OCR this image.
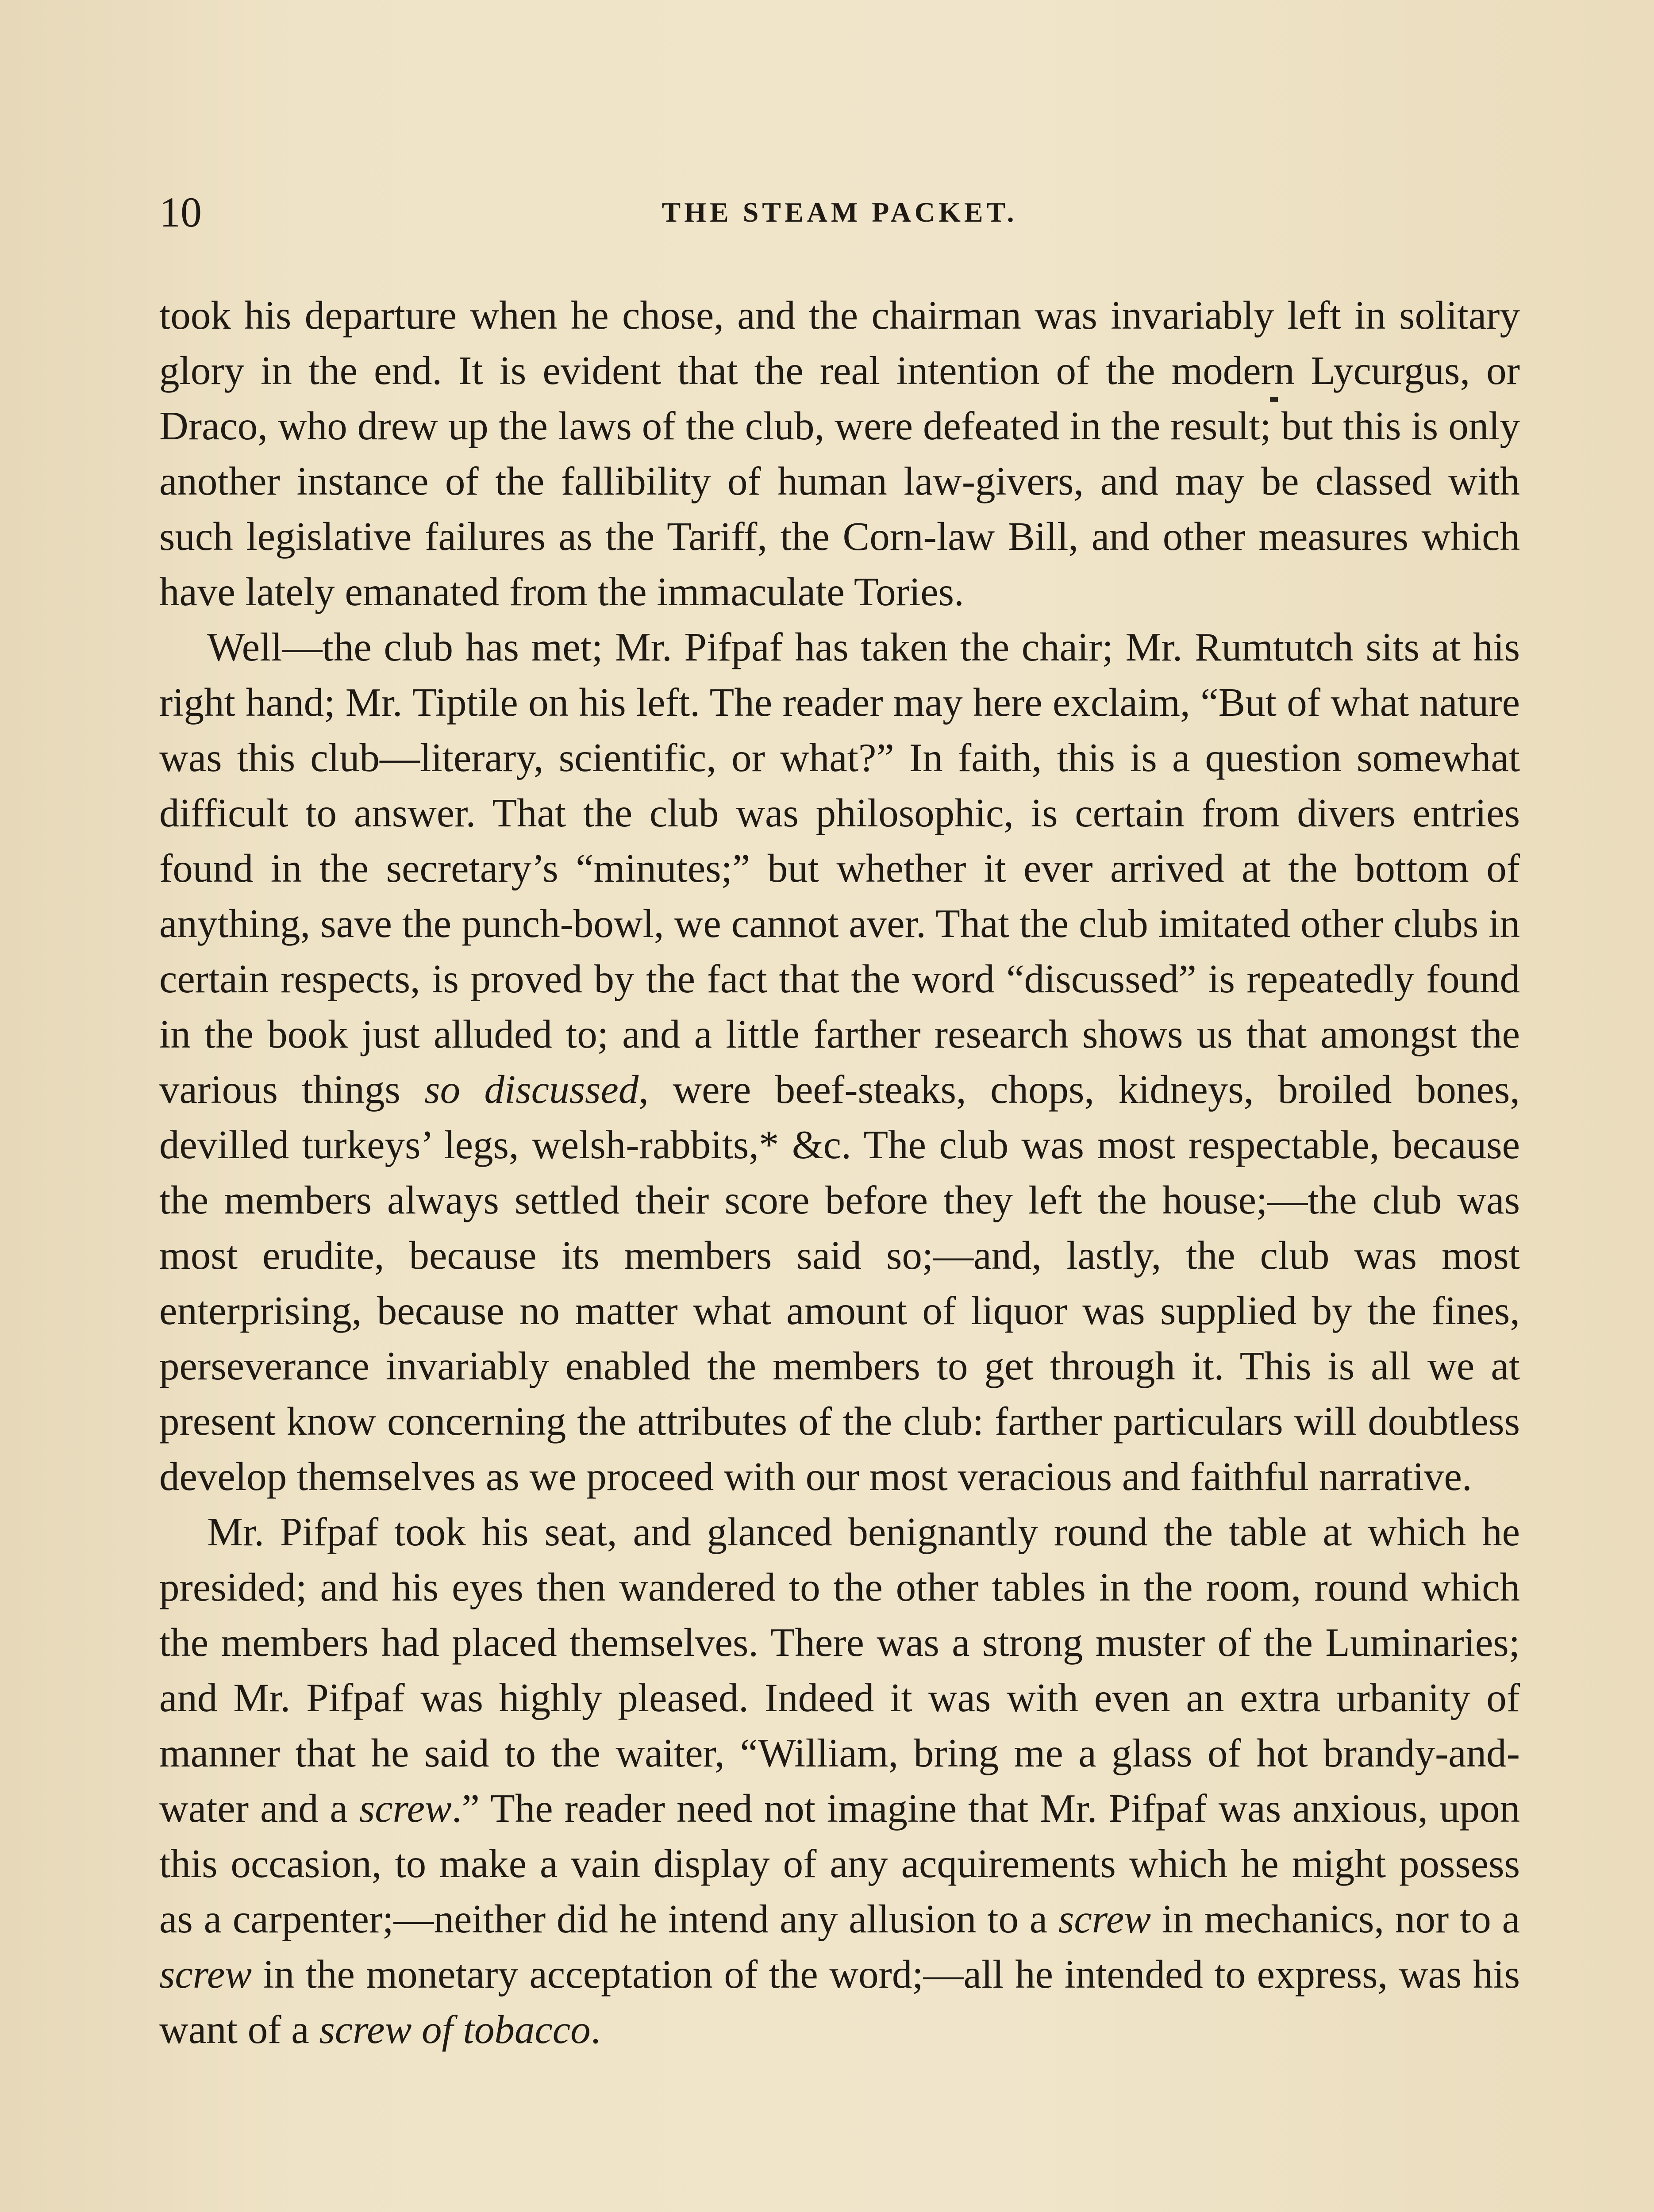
10	THE STEAM PACKET.

took his departure when he chose, and the chairman was invariably left in solitary glory in the end. It is evident that the real intention of the modern Lycurgus, or Draco, who drew up the laws of the club, were defeated in the result; but this is only another instance of the fallibility of human law-givers, and may be classed with such legislative failures as the Tariff, the Corn-law Bill, and other measures which have lately emanated from the immaculate Tories.

Well—the club has met; Mr. Pifpaf has taken the chair; Mr. Rumtutch sits at his right hand; Mr. Tiptile on his left. The reader may here exclaim, “But of what nature was this club—literary, scientific, or what?” In faith, this is a question somewhat difficult to answer. That the club was philosophic, is certain from divers entries found in the secretary’s “minutes;” but whether it ever arrived at the bottom of anything, save the punch-bowl, we cannot aver. That the club imitated other clubs in certain respects, is proved by the fact that the word “discussed” is repeatedly found in the book just alluded to; and a little farther research shows us that amongst the various things so discussed, were beef-steaks, chops, kidneys, broiled bones, devilled turkeys’ legs, welsh-rabbits,* &c. The club was most respectable, because the members always settled their score before they left the house;—the club was most erudite, because its members said so;—and, lastly, the club was most enterprising, because no matter what amount of liquor was supplied by the fines, perseverance invariably enabled the members to get through it. This is all we at present know concerning the attributes of the club: farther particulars will doubtless develop themselves as we proceed with our most veracious and faithful narrative.

Mr. Pifpaf took his seat, and glanced benignantly round the table at which he presided; and his eyes then wandered to the other tables in the room, round which the members had placed themselves. There was a strong muster of the Luminaries; and Mr. Pifpaf was highly pleased. Indeed it was with even an extra urbanity of manner that he said to the waiter, “William, bring me a glass of hot brandy-and-water and a screw.” The reader need not imagine that Mr. Pifpaf was anxious, upon this occasion, to make a vain display of any acquirements which he might possess as a carpenter;—neither did he intend any allusion to a screw in mechanics, nor to a screw in the monetary acceptation of the word;—all he intended to express, was his want of a screw of tobacco.
